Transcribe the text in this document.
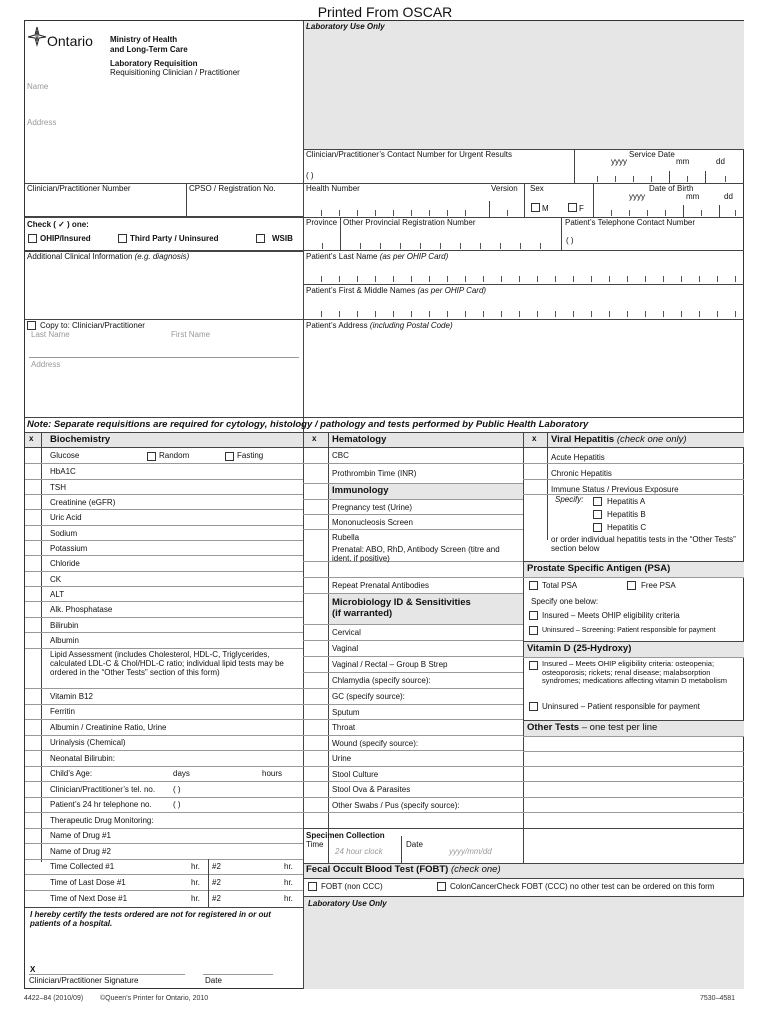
Printed From OSCAR
Ontario Ministry of Health
and Long-Term Care
Laboratory Requisition
Requisitioning Clinician / Practitioner
Name
Address
Clinician/Practitioner Number	CPSO / Registration No.
Check ( ✓ ) one:
OHIP/Insured	Third Party / Uninsured	WSIB
Additional Clinical Information (e.g. diagnosis)
Copy to: Clinician/Practitioner
Last Name	First Name
Address
Laboratory Use Only
Clinician/Practitioner’s Contact Number for Urgent Results
( )
Service Date
yyyy	mm	dd
Health Number	Version Sex
M	F
Date of Birth
yyyy	mm	dd
Province Other Provincial Registration Number	Patient’s Telephone Contact Number
( )
Patient’s Last Name (as per OHIP Card)
Patient’s First & Middle Names (as per OHIP Card)
Patient’s Address (including Postal Code)
Note: Separate requisitions are required for cytology, histology / pathology and tests performed by Public Health Laboratory
x Biochemistry	x Hematology	x Viral Hepatitis (check one only)
Glucose	Random	Fasting
HbA1C
TSH
Creatinine (eGFR)
Uric Acid
Sodium
Potassium
Chloride
CK
ALT
Alk. Phosphatase
Bilirubin
Albumin
Lipid Assessment (includes Cholesterol, HDL-C, Triglycerides, calculated LDL-C & Chol/HDL-C ratio; individual lipid tests may be ordered in the “Other Tests” section of this form)
Vitamin B12
Ferritin
Albumin / Creatinine Ratio, Urine
Urinalysis (Chemical)
Neonatal Bilirubin:
Child’s Age:	days	hours
Clinician/Practitioner’s tel. no. ( )
Patient’s 24 hr telephone no.	( )
Therapeutic Drug Monitoring:
Name of Drug #1
Name of Drug #2
Time Collected #1	hr. #2	hr.
Time of Last Dose #1	hr. #2	hr.
Time of Next Dose #1	hr. #2	hr.
I hereby certify the tests ordered are not for registered in or out patients of a hospital.
X
Clinician/Practitioner Signature	Date
CBC
Prothrombin Time (INR)
Immunology
Pregnancy test (Urine)
Mononucleosis Screen
Rubella
Prenatal: ABO, RhD, Antibody Screen (titre and ident. if positive)
Repeat Prenatal Antibodies
Microbiology ID & Sensitivities
(if warranted)
Cervical
Vaginal
Vaginal / Rectal – Group B Strep
Chlamydia (specify source):
GC (specify source):
Sputum
Throat
Wound (specify source):
Urine
Stool Culture
Stool Ova & Parasites
Other Swabs / Pus (specify source):
Specimen Collection
Time
24 hour clock
Date
yyyy/mm/dd
Fecal Occult Blood Test (FOBT) (check one)
FOBT (non CCC)	ColonCancerCheck FOBT (CCC) no other test can be ordered on this form
Laboratory Use Only
Acute Hepatitis
Chronic Hepatitis
Immune Status / Previous Exposure
Specify:	Hepatitis A
Hepatitis B
Hepatitis C
or order individual hepatitis tests in the “Other Tests” section below
Prostate Specific Antigen (PSA)
Total PSA	Free PSA
Specify one below:
Insured – Meets OHIP eligibility criteria
Uninsured – Screening: Patient responsible for payment
Vitamin D (25-Hydroxy)
Insured – Meets OHIP eligibility criteria: osteopenia; osteoporosis; rickets; renal disease; malabsorption syndromes; medications affecting vitamin D metabolism
Uninsured – Patient responsible for payment
Other Tests – one test per line
4422–84 (2010/09) ©Queen’s Printer for Ontario, 2010	7530–4581
